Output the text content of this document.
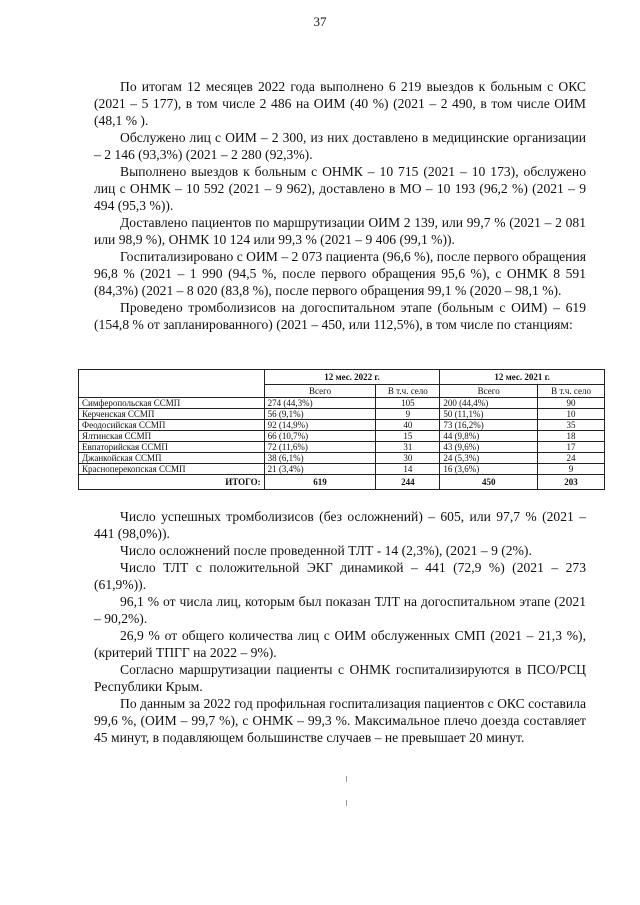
37

По итогам 12 месяцев 2022 года выполнено 6 219 выездов к больным с ОКС (2021 – 5 177), в том числе 2 486 на ОИМ (40 %) (2021 – 2 490, в том числе ОИМ (48,1 % ).

Обслужено лиц с ОИМ – 2 300, из них доставлено в медицинские организации – 2 146 (93,3%) (2021 – 2 280 (92,3%).

Выполнено выездов к больным с ОНМК – 10 715 (2021 – 10 173), обслужено лиц с ОНМК – 10 592 (2021 – 9 962), доставлено в МО – 10 193 (96,2 %) (2021 – 9 494 (95,3 %)).

Доставлено пациентов по маршрутизации ОИМ 2 139, или 99,7 % (2021 – 2 081 или 98,9 %), ОНМК 10 124 или 99,3 % (2021 – 9 406 (99,1 %)).

Госпитализировано с ОИМ – 2 073 пациента (96,6 %), после первого обращения 96,8 % (2021 – 1 990 (94,5 %, после первого обращения 95,6 %), с ОНМК 8 591 (84,3%) (2021 – 8 020 (83,8 %), после первого обращения 99,1 % (2020 – 98,1 %).

Проведено тромболизисов на догоспитальном этапе (больным с ОИМ) – 619 (154,8 % от запланированного) (2021 – 450, или 112,5%), в том числе по станциям:

	12 мес. 2022 г.		12 мес. 2021 г.	
	Всего	В т.ч. село	Всего	В т.ч. село
Симферопольская ССМП	274 (44,3%)	105	200 (44,4%)	90
Керченская ССМП	56 (9,1%)	9	50 (11,1%)	10
Феодосийская ССМП	92 (14,9%)	40	73 (16,2%)	35
Ялтинская ССМП	66 (10,7%)	15	44 (9,8%)	18
Евпаторийская ССМП	72 (11,6%)	31	43 (9,6%)	17
Джанкойская ССМП	38 (6,1%)	30	24 (5,3%)	24
Красноперекопская ССМП	21 (3,4%)	14	16 (3,6%)	9
ИТОГО:	619	244	450	203

Число успешных тромболизисов (без осложнений) – 605, или 97,7 % (2021 – 441 (98,0%)).

Число осложнений после проведенной ТЛТ - 14 (2,3%), (2021 – 9 (2%).

Число ТЛТ с положительной ЭКГ динамикой – 441 (72,9 %) (2021 – 273 (61,9%)).

96,1 % от числа лиц, которым был показан ТЛТ на догоспитальном этапе (2021 – 90,2%).

26,9 % от общего количества лиц с ОИМ обслуженных СМП (2021 – 21,3 %), (критерий ТПГГ на 2022 – 9%).

Согласно маршрутизации пациенты с ОНМК госпитализируются в ПСО/РСЦ Республики Крым.

По данным за 2022 год профильная госпитализация пациентов с ОКС составила 99,6 %, (ОИМ – 99,7 %), с ОНМК – 99,3 %. Максимальное плечо доезда составляет 45 минут, в подавляющем большинстве случаев – не превышает 20 минут.
